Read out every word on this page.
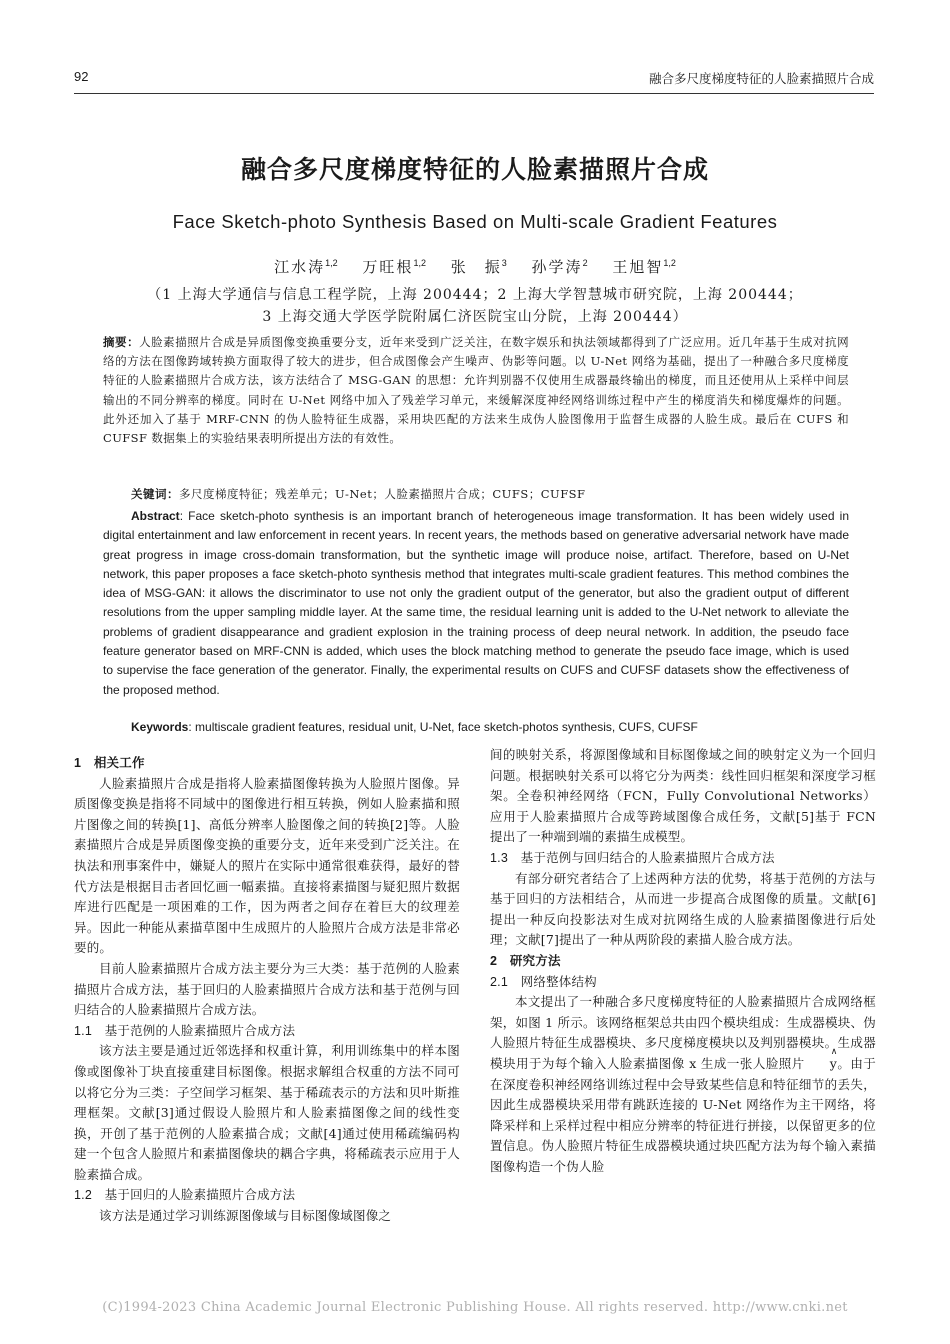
92	融合多尺度梯度特征的人脸素描照片合成
融合多尺度梯度特征的人脸素描照片合成
Face Sketch-photo Synthesis Based on Multi-scale Gradient Features
江水涛$^{1,2}$ 万旺根$^{1,2}$ 张　振$^3$ 孙学涛$^2$ 王旭智$^{1,2}$
（1 上海大学通信与信息工程学院，上海 200444；2 上海大学智慧城市研究院，上海 200444；
3 上海交通大学医学院附属仁济医院宝山分院，上海 200444）
摘要：人脸素描照片合成是异质图像变换重要分支，近年来受到广泛关注，在数字娱乐和执法领域都得到了广泛应用。近几年基于生成对抗网络的方法在图像跨域转换方面取得了较大的进步，但合成图像会产生噪声、伪影等问题。以 U-Net 网络为基础，提出了一种融合多尺度梯度特征的人脸素描照片合成方法，该方法结合了 MSG-GAN 的思想：允许判别器不仅使用生成器最终输出的梯度，而且还使用从上采样中间层输出的不同分辨率的梯度。同时在 U-Net 网络中加入了残差学习单元，来缓解深度神经网络训练过程中产生的梯度消失和梯度爆炸的问题。此外还加入了基于 MRF-CNN 的伪人脸特征生成器，采用块匹配的方法来生成伪人脸图像用于监督生成器的人脸生成。最后在 CUFS 和 CUFSF 数据集上的实验结果表明所提出方法的有效性。
关键词：多尺度梯度特征；残差单元；U-Net；人脸素描照片合成；CUFS；CUFSF
Abstract: Face sketch-photo synthesis is an important branch of heterogeneous image transformation. It has been widely used in digital entertainment and law enforcement in recent years. In recent years, the methods based on generative adversarial network have made great progress in image cross-domain transformation, but the synthetic image will produce noise, artifact. Therefore, based on U-Net network, this paper proposes a face sketch-photo synthesis method that integrates multi-scale gradient features. This method combines the idea of MSG-GAN: it allows the discriminator to use not only the gradient output of the generator, but also the gradient output of different resolutions from the upper sampling middle layer. At the same time, the residual learning unit is added to the U-Net network to alleviate the problems of gradient disappearance and gradient explosion in the training process of deep neural network. In addition, the pseudo face feature generator based on MRF-CNN is added, which uses the block matching method to generate the pseudo face image, which is used to supervise the face generation of the generator. Finally, the experimental results on CUFS and CUFSF datasets show the effectiveness of the proposed method.
Keywords: multiscale gradient features, residual unit, U-Net, face sketch-photos synthesis, CUFS, CUFSF
1　相关工作

人脸素描照片合成是指将人脸素描图像转换为人脸照片图像。异质图像变换是指将不同域中的图像进行相互转换，例如人脸素描和照片图像之间的转换[1]、高低分辨率人脸图像之间的转换[2]等。人脸素描照片合成是异质图像变换的重要分支，近年来受到广泛关注。在执法和刑事案件中，嫌疑人的照片在实际中通常很难获得，最好的替代方法是根据目击者回忆画一幅素描。直接将素描图与疑犯照片数据库进行匹配是一项困难的工作，因为两者之间存在着巨大的纹理差异。因此一种能从素描草图中生成照片的人脸照片合成方法是非常必要的。

目前人脸素描照片合成方法主要分为三大类：基于范例的人脸素描照片合成方法，基于回归的人脸素描照片合成方法和基于范例与回归结合的人脸素描照片合成方法。

1.1　基于范例的人脸素描照片合成方法

该方法主要是通过近邻选择和权重计算，利用训练集中的样本图像或图像补丁块直接重建目标图像。根据求解组合权重的方法不同可以将它分为三类：子空间学习框架、基于稀疏表示的方法和贝叶斯推理框架。文献[3]通过假设人脸照片和人脸素描图像之间的线性变换，开创了基于范例的人脸素描合成；文献[4]通过使用稀疏编码构建一个包含人脸照片和素描图像块的耦合字典，将稀疏表示应用于人脸素描合成。

1.2　基于回归的人脸素描照片合成方法

该方法是通过学习训练源图像域与目标图像域图像之

间的映射关系，将源图像域和目标图像域之间的映射定义为一个回归问题。根据映射关系可以将它分为两类：线性回归框架和深度学习框架。全卷积神经网络（FCN，Fully Convolutional Networks）应用于人脸素描照片合成等跨域图像合成任务，文献[5]基于 FCN 提出了一种端到端的素描生成模型。

1.3　基于范例与回归结合的人脸素描照片合成方法

有部分研究者结合了上述两种方法的优势，将基于范例的方法与基于回归的方法相结合，从而进一步提高合成图像的质量。文献[6]提出一种反向投影法对生成对抗网络生成的人脸素描图像进行后处理；文献[7]提出了一种从两阶段的素描人脸合成方法。

2　研究方法
2.1　网络整体结构

本文提出了一种融合多尺度梯度特征的人脸素描照片合成网络框架，如图 1 所示。该网络框架总共由四个模块组成：生成器模块、伪人脸照片特征生成器模块、多尺度梯度模块以及判别器模块。生成器模块用于为每个输入人脸素描图像 x 生成一张人脸照片∧ y。由于在深度卷积神经网络训练过程中会导致某些信息和特征细节的丢失，因此生成器模块采用带有跳跃连接的 U-Net 网络作为主干网络，将降采样和上采样过程中相应分辨率的特征进行拼接，以保留更多的位置信息。伪人脸照片特征生成器模块通过块匹配方法为每个输入素描图像构造一个伪人脸

(C)1994-2023 China Academic Journal Electronic Publishing House. All rights reserved. http://www.cnki.net
